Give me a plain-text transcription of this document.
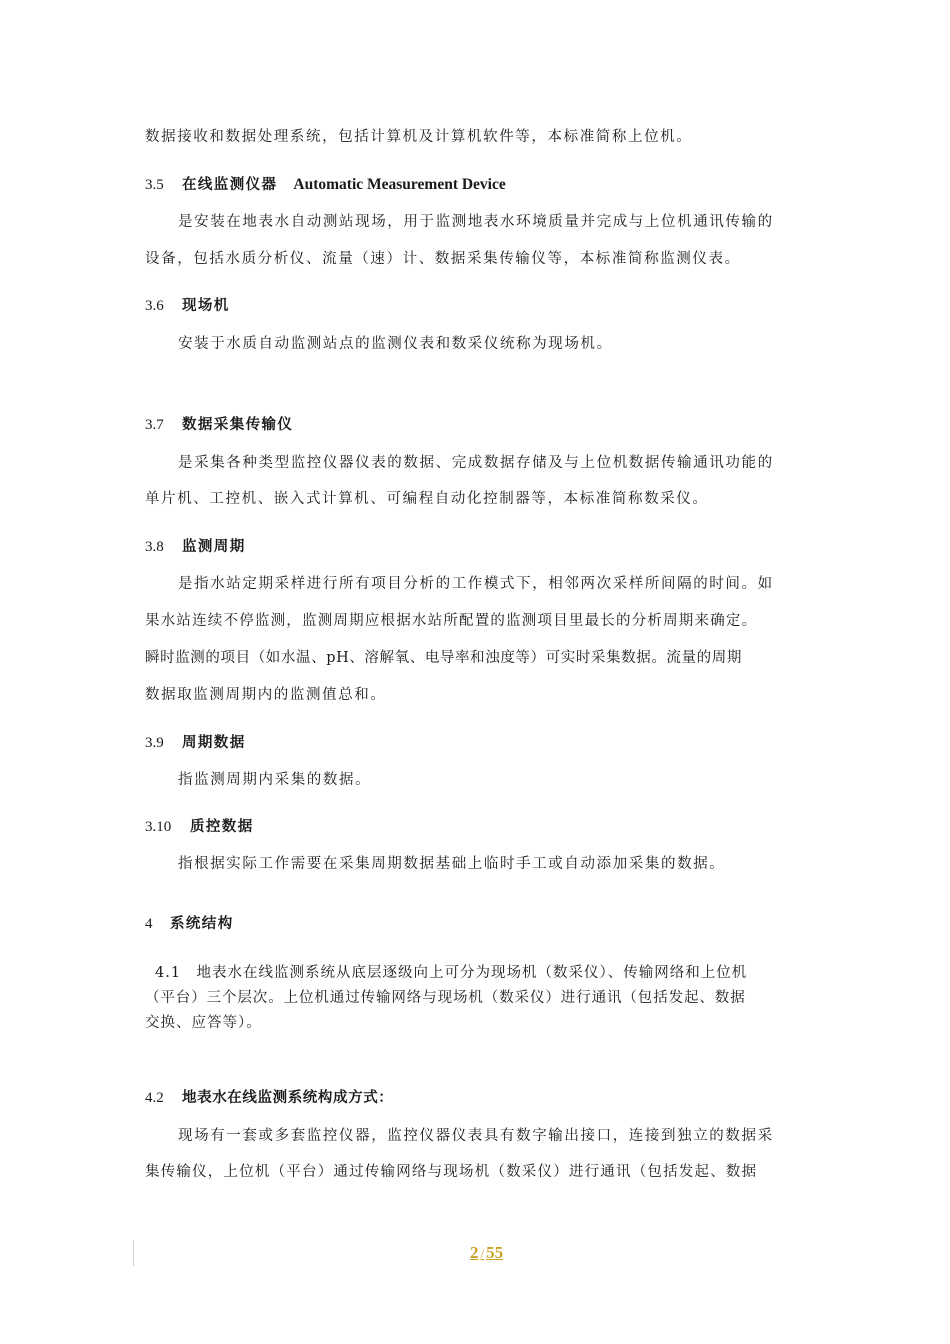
数据接收和数据处理系统，包括计算机及计算机软件等，本标准简称上位机。
3.5 在线监测仪器 Automatic Measurement Device
是安装在地表水自动测站现场，用于监测地表水环境质量并完成与上位机通讯传输的
设备，包括水质分析仪、流量（速）计、数据采集传输仪等，本标准简称监测仪表。
3.6 现场机
安装于水质自动监测站点的监测仪表和数采仪统称为现场机。
3.7 数据采集传输仪
是采集各种类型监控仪器仪表的数据、完成数据存储及与上位机数据传输通讯功能的
单片机、工控机、嵌入式计算机、可编程自动化控制器等，本标准简称数采仪。
3.8 监测周期
是指水站定期采样进行所有项目分析的工作模式下，相邻两次采样所间隔的时间。如
果水站连续不停监测，监测周期应根据水站所配置的监测项目里最长的分析周期来确定。
瞬时监测的项目（如水温、pH、溶解氧、电导率和浊度等）可实时采集数据。流量的周期
数据取监测周期内的监测值总和。
3.9 周期数据
指监测周期内采集的数据。
3.10 质控数据
指根据实际工作需要在采集周期数据基础上临时手工或自动添加采集的数据。
4 系统结构
4.1　地表水在线监测系统从底层逐级向上可分为现场机（数采仪）、传输网络和上位机
（平台）三个层次。上位机通过传输网络与现场机（数采仪）进行通讯（包括发起、数据
交换、应答等）。
4.2 地表水在线监测系统构成方式：
现场有一套或多套监控仪器，监控仪器仪表具有数字输出接口，连接到独立的数据采
集传输仪，上位机（平台）通过传输网络与现场机（数采仪）进行通讯（包括发起、数据
2 / 55
